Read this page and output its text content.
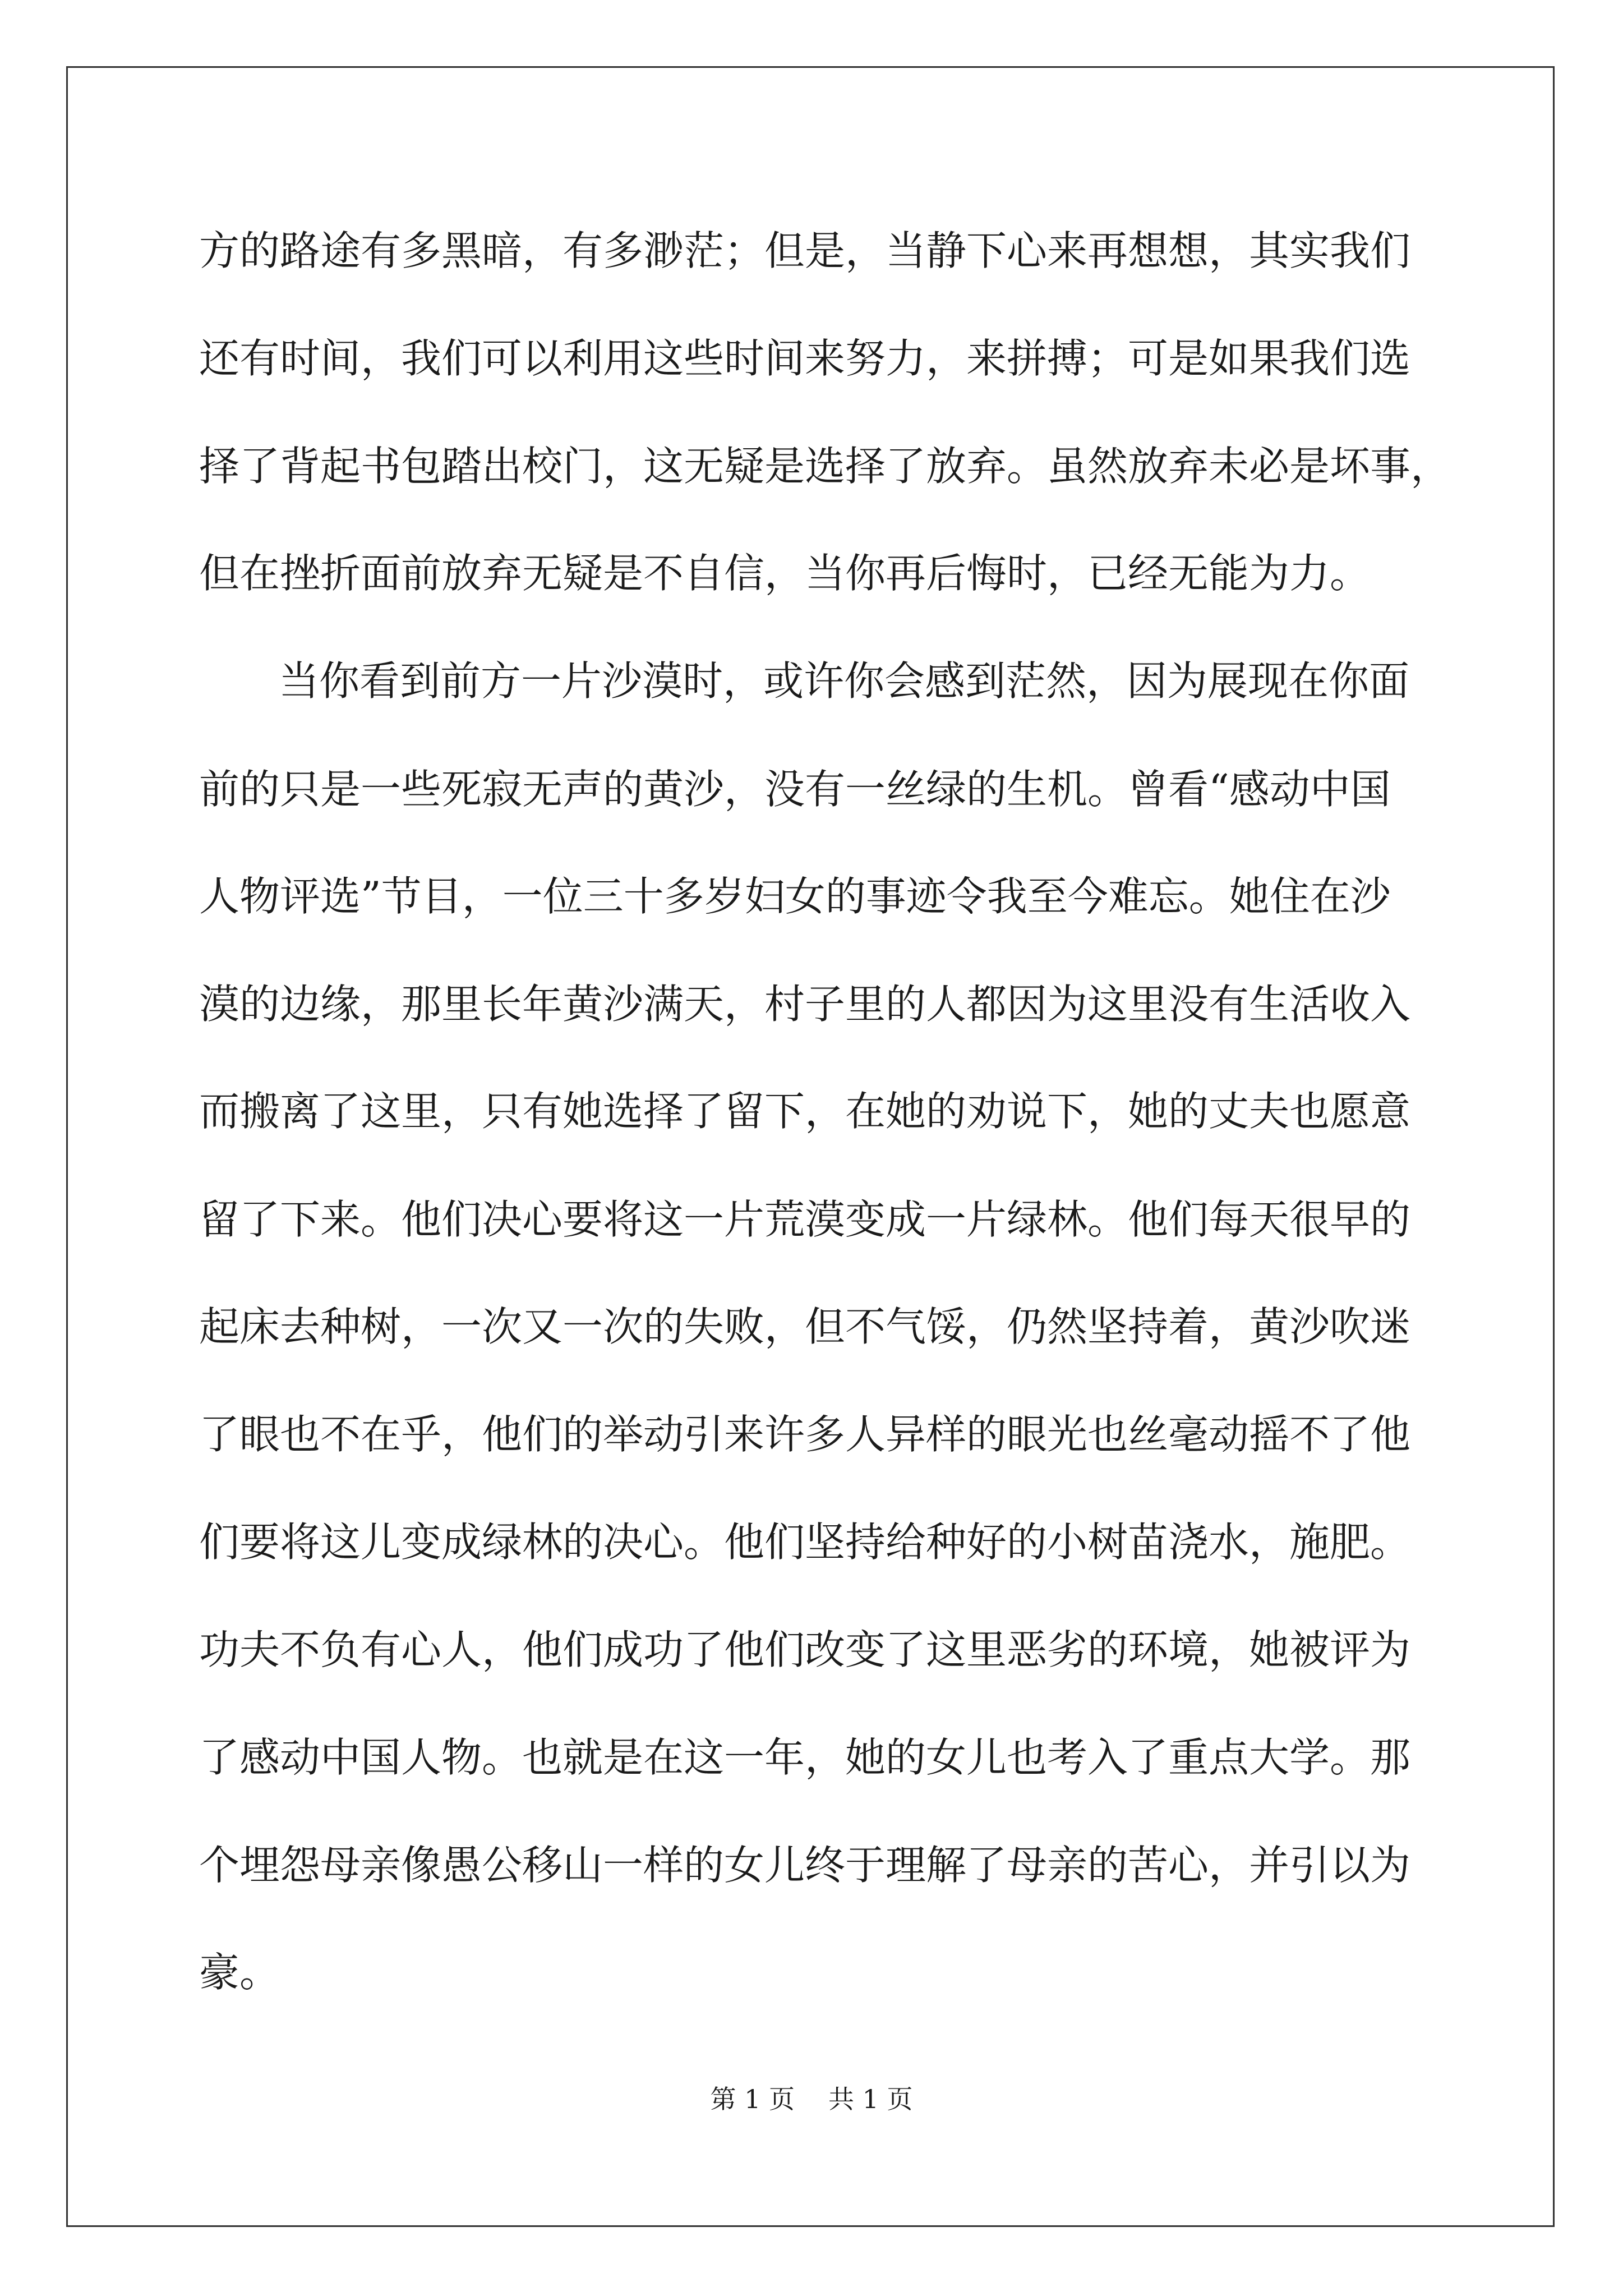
方的路途有多黑暗，有多渺茫；但是，当静下心来再想想，其实我们
还有时间，我们可以利用这些时间来努力，来拼搏；可是如果我们选
择了背起书包踏出校门，这无疑是选择了放弃。虽然放弃未必是坏事，
但在挫折面前放弃无疑是不自信，当你再后悔时，已经无能为力。
当你看到前方一片沙漠时，或许你会感到茫然，因为展现在你面
前的只是一些死寂无声的黄沙，没有一丝绿的生机。曾看“感动中国
人物评选”节目，一位三十多岁妇女的事迹令我至今难忘。她住在沙
漠的边缘，那里长年黄沙满天，村子里的人都因为这里没有生活收入
而搬离了这里，只有她选择了留下，在她的劝说下，她的丈夫也愿意
留了下来。他们决心要将这一片荒漠变成一片绿林。他们每天很早的
起床去种树，一次又一次的失败，但不气馁，仍然坚持着，黄沙吹迷
了眼也不在乎，他们的举动引来许多人异样的眼光也丝毫动摇不了他
们要将这儿变成绿林的决心。他们坚持给种好的小树苗浇水，施肥。
功夫不负有心人，他们成功了他们改变了这里恶劣的环境，她被评为
了感动中国人物。也就是在这一年，她的女儿也考入了重点大学。那
个埋怨母亲像愚公移山一样的女儿终于理解了母亲的苦心，并引以为
豪。
第 1 页 共 1 页
